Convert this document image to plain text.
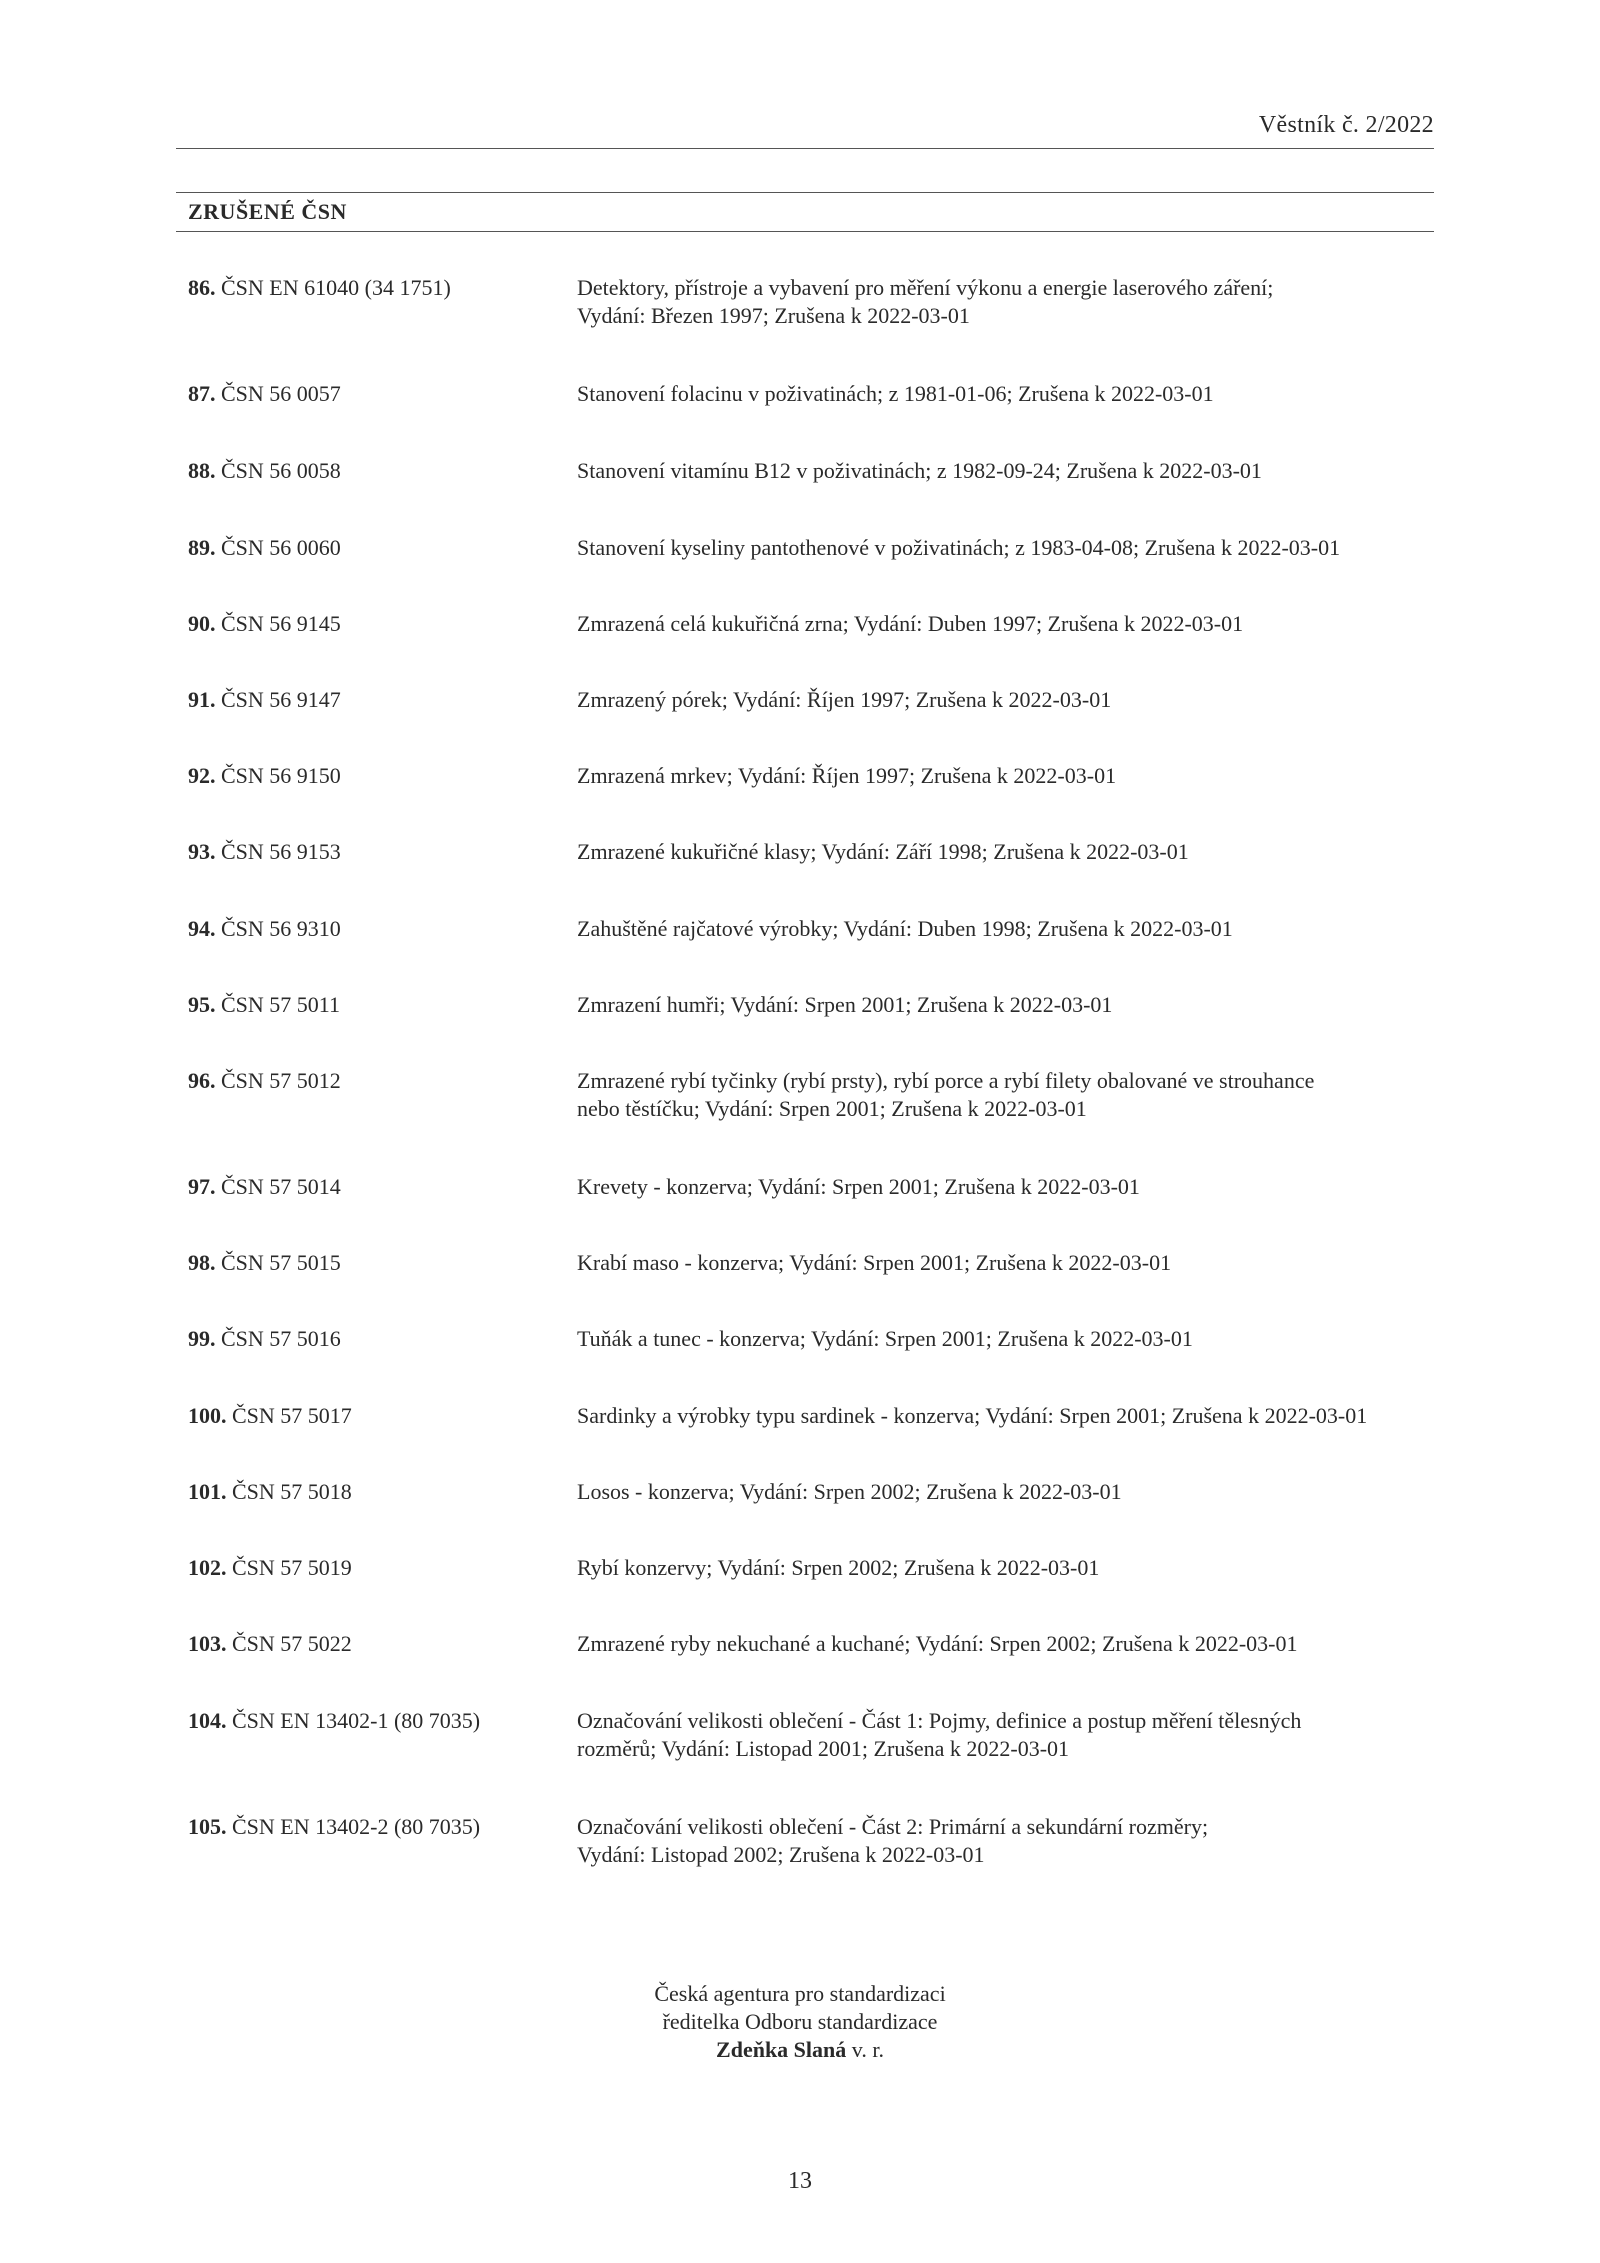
Věstník č. 2/2022
ZRUŠENÉ ČSN
86. ČSN EN 61040 (34 1751)	Detektory, přístroje a vybavení pro měření výkonu a energie laserového záření;
Vydání: Březen 1997; Zrušena k 2022-03-01
87. ČSN 56 0057	Stanovení folacinu v poživatinách; z 1981-01-06; Zrušena k 2022-03-01
88. ČSN 56 0058	Stanovení vitamínu B12 v poživatinách; z 1982-09-24; Zrušena k 2022-03-01
89. ČSN 56 0060	Stanovení kyseliny pantothenové v poživatinách; z 1983-04-08; Zrušena k 2022-03-01
90. ČSN 56 9145	Zmrazená celá kukuřičná zrna; Vydání: Duben 1997; Zrušena k 2022-03-01
91. ČSN 56 9147	Zmrazený pórek; Vydání: Říjen 1997; Zrušena k 2022-03-01
92. ČSN 56 9150	Zmrazená mrkev; Vydání: Říjen 1997; Zrušena k 2022-03-01
93. ČSN 56 9153	Zmrazené kukuřičné klasy; Vydání: Září 1998; Zrušena k 2022-03-01
94. ČSN 56 9310	Zahuštěné rajčatové výrobky; Vydání: Duben 1998; Zrušena k 2022-03-01
95. ČSN 57 5011	Zmrazení humři; Vydání: Srpen 2001; Zrušena k 2022-03-01
96. ČSN 57 5012	Zmrazené rybí tyčinky (rybí prsty), rybí porce a rybí filety obalované ve strouhance
nebo těstíčku; Vydání: Srpen 2001; Zrušena k 2022-03-01
97. ČSN 57 5014	Krevety - konzerva; Vydání: Srpen 2001; Zrušena k 2022-03-01
98. ČSN 57 5015	Krabí maso - konzerva; Vydání: Srpen 2001; Zrušena k 2022-03-01
99. ČSN 57 5016	Tuňák a tunec - konzerva; Vydání: Srpen 2001; Zrušena k 2022-03-01
100. ČSN 57 5017	Sardinky a výrobky typu sardinek - konzerva; Vydání: Srpen 2001; Zrušena k 2022-03-01
101. ČSN 57 5018	Losos - konzerva; Vydání: Srpen 2002; Zrušena k 2022-03-01
102. ČSN 57 5019	Rybí konzervy; Vydání: Srpen 2002; Zrušena k 2022-03-01
103. ČSN 57 5022	Zmrazené ryby nekuchané a kuchané; Vydání: Srpen 2002; Zrušena k 2022-03-01
104. ČSN EN 13402-1 (80 7035)	Označování velikosti oblečení - Část 1: Pojmy, definice a postup měření tělesných
rozměrů; Vydání: Listopad 2001; Zrušena k 2022-03-01
105. ČSN EN 13402-2 (80 7035)	Označování velikosti oblečení - Část 2: Primární a sekundární rozměry;
Vydání: Listopad 2002; Zrušena k 2022-03-01
Česká agentura pro standardizaci
ředitelka Odboru standardizace
Zdeňka Slaná v. r.
13
